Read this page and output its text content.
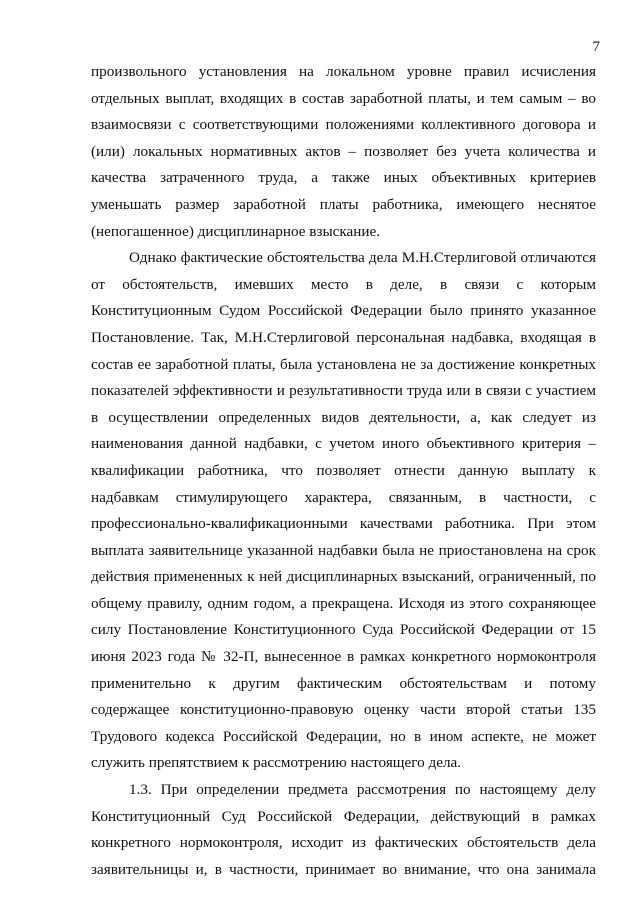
7

произвольного установления на локальном уровне правил исчисления
отдельных выплат, входящих в состав заработной платы, и тем самым – во
взаимосвязи с соответствующими положениями коллективного договора и
(или) локальных нормативных актов – позволяет без учета количества и
качества затраченного труда, а также иных объективных критериев
уменьшать размер заработной платы работника, имеющего неснятое
(непогашенное) дисциплинарное взыскание.

Однако фактические обстоятельства дела М.Н.Стерлиговой отличаются
от обстоятельств, имевших место в деле, в связи с которым
Конституционным Судом Российской Федерации было принято указанное
Постановление. Так, М.Н.Стерлиговой персональная надбавка, входящая в
состав ее заработной платы, была установлена не за достижение конкретных
показателей эффективности и результативности труда или в связи с участием
в осуществлении определенных видов деятельности, а, как следует из
наименования данной надбавки, с учетом иного объективного критерия –
квалификации работника, что позволяет отнести данную выплату к
надбавкам стимулирующего характера, связанным, в частности, с
профессионально-квалификационными качествами работника. При этом
выплата заявительнице указанной надбавки была не приостановлена на срок
действия примененных к ней дисциплинарных взысканий, ограниченный, по
общему правилу, одним годом, а прекращена. Исходя из этого сохраняющее
силу Постановление Конституционного Суда Российской Федерации от 15
июня 2023 года № 32-П, вынесенное в рамках конкретного нормоконтроля
применительно к другим фактическим обстоятельствам и потому
содержащее конституционно-правовую оценку части второй статьи 135
Трудового кодекса Российской Федерации, но в ином аспекте, не может
служить препятствием к рассмотрению настоящего дела.

1.3. При определении предмета рассмотрения по настоящему делу
Конституционный Суд Российской Федерации, действующий в рамках
конкретного нормоконтроля, исходит из фактических обстоятельств дела
заявительницы и, в частности, принимает во внимание, что она занимала
